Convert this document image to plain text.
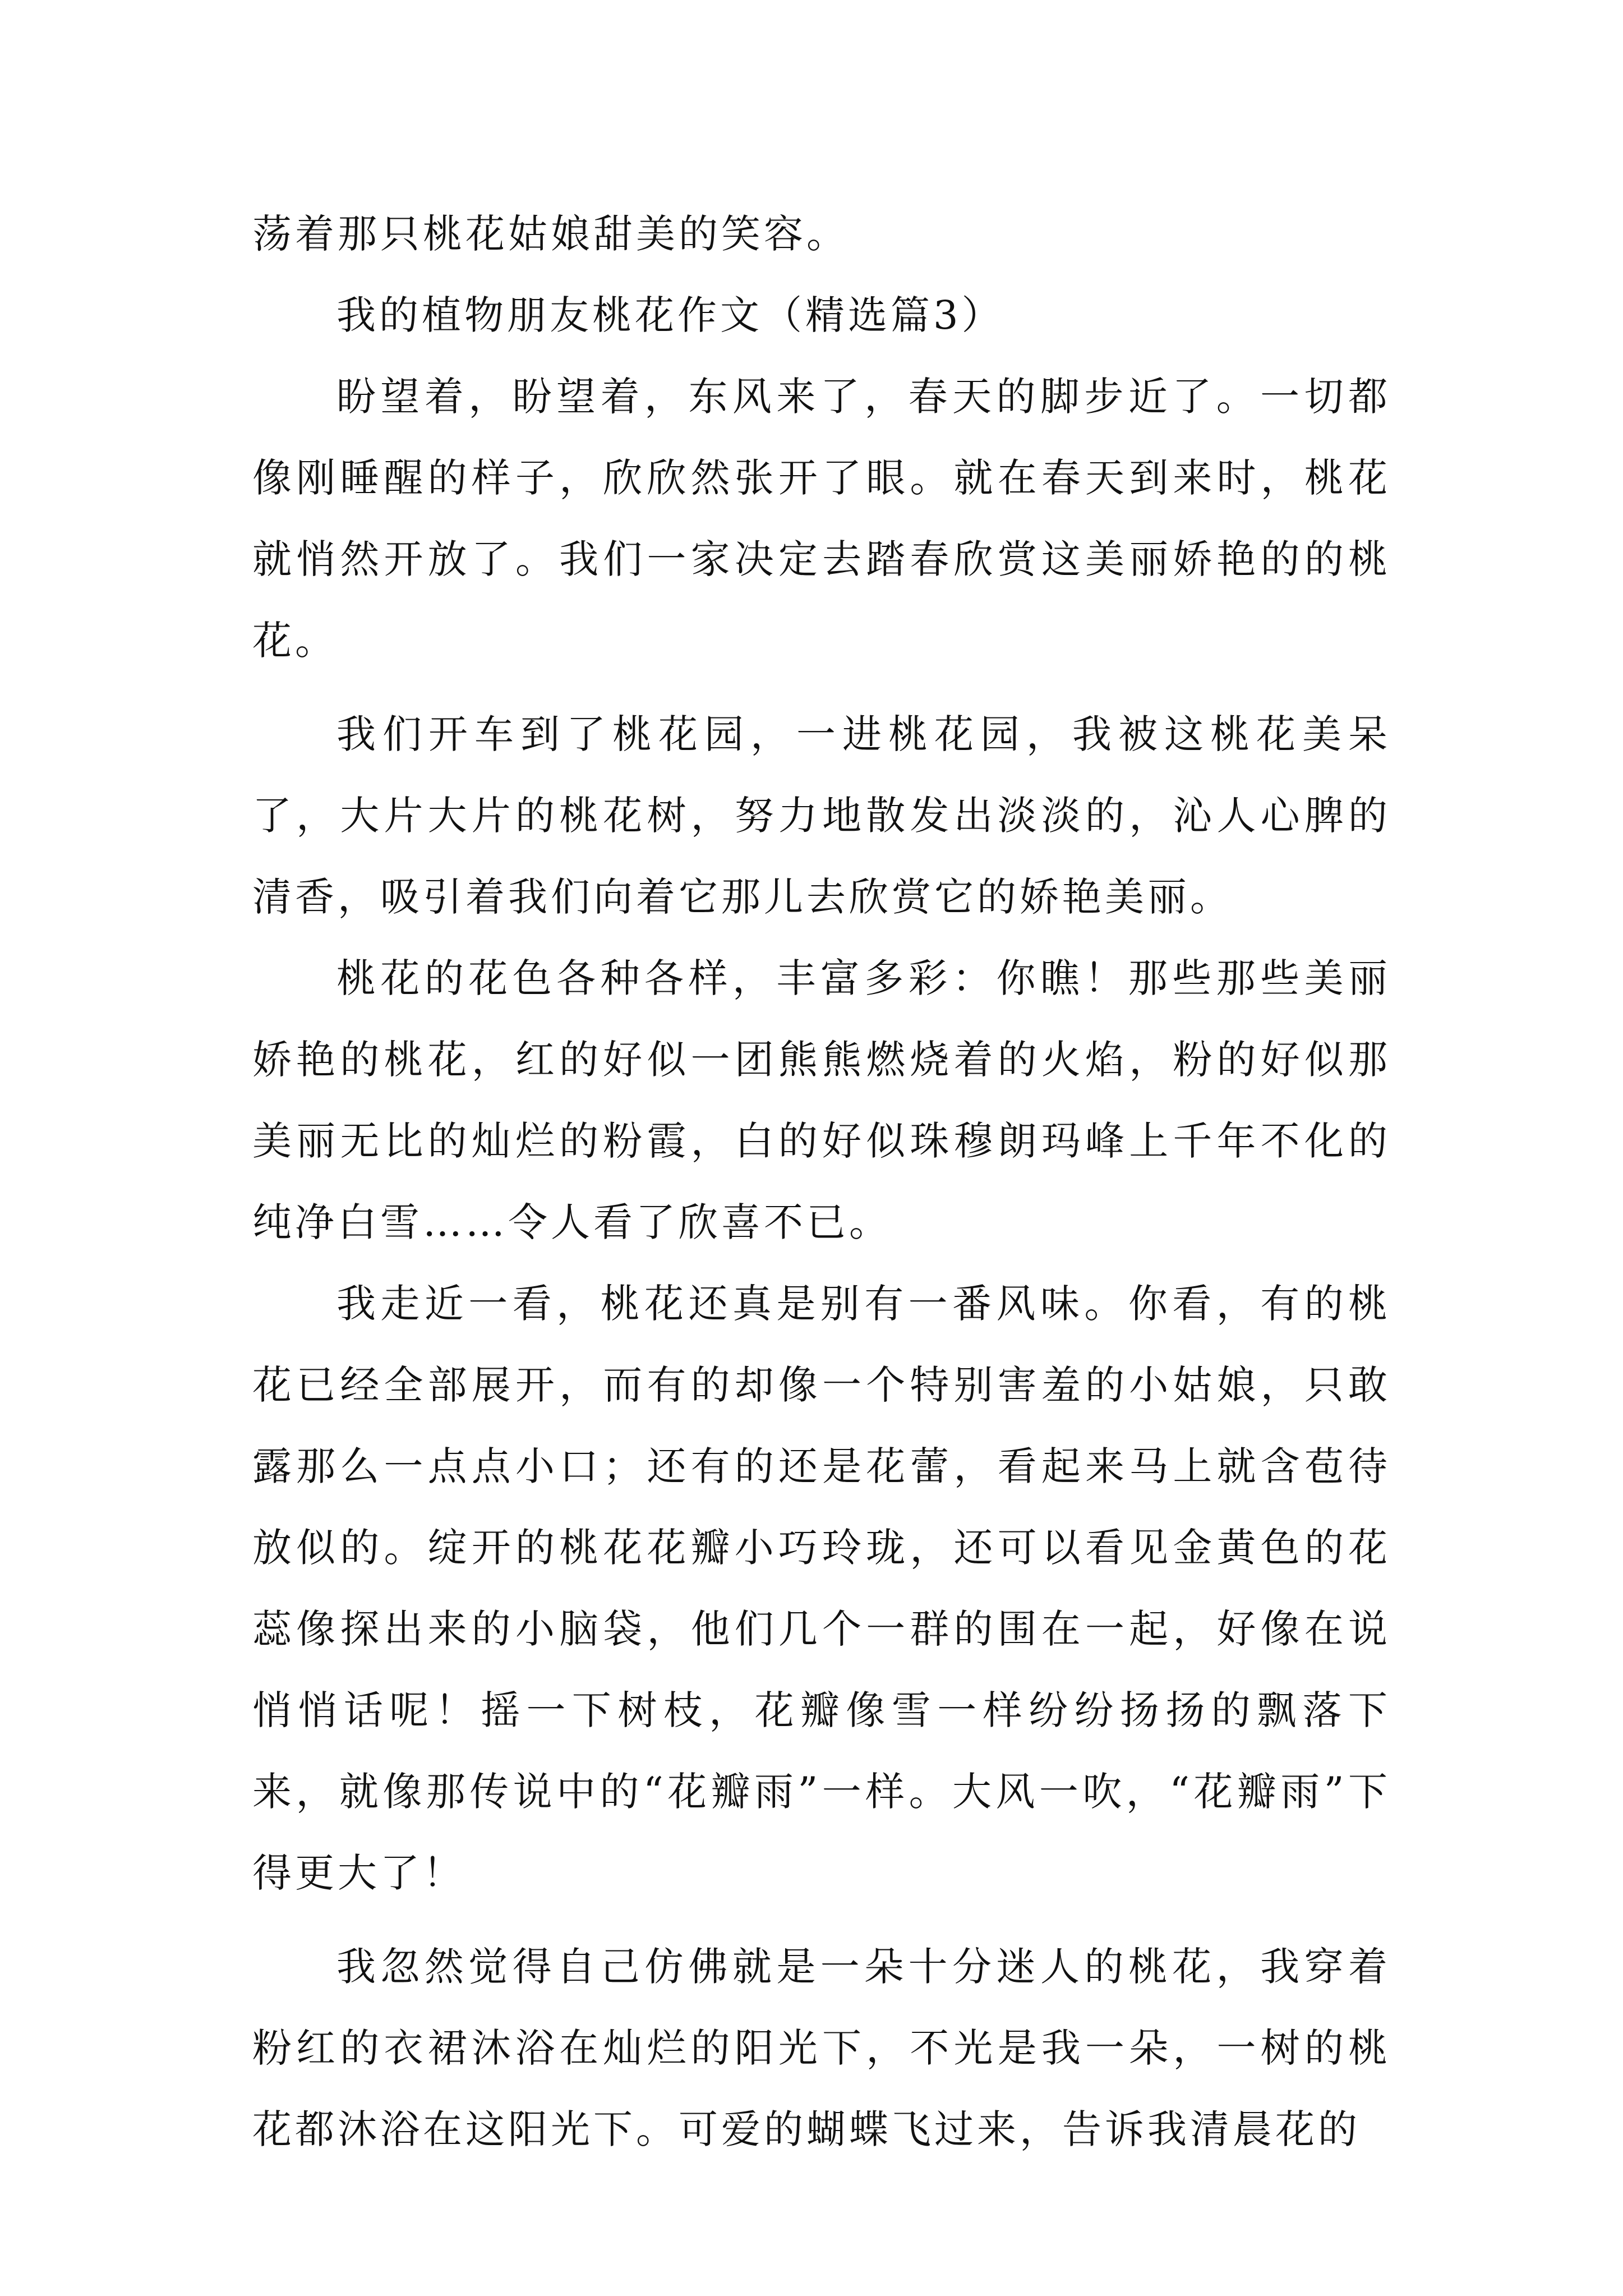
荡着那只桃花姑娘甜美的笑容。

我的植物朋友桃花作文（精选篇3）

盼望着，盼望着，东风来了，春天的脚步近了。一切都像刚睡醒的样子，欣欣然张开了眼。就在春天到来时，桃花就悄然开放了。我们一家决定去踏春欣赏这美丽娇艳的的桃花。

我们开车到了桃花园，一进桃花园，我被这桃花美呆了，大片大片的桃花树，努力地散发出淡淡的，沁人心脾的清香，吸引着我们向着它那儿去欣赏它的娇艳美丽。

桃花的花色各种各样，丰富多彩：你瞧！那些那些美丽娇艳的桃花，红的好似一团熊熊燃烧着的火焰，粉的好似那美丽无比的灿烂的粉霞，白的好似珠穆朗玛峰上千年不化的纯净白雪……令人看了欣喜不已。

我走近一看，桃花还真是别有一番风味。你看，有的桃花已经全部展开，而有的却像一个特别害羞的小姑娘，只敢露那么一点点小口；还有的还是花蕾，看起来马上就含苞待放似的。绽开的桃花花瓣小巧玲珑，还可以看见金黄色的花蕊像探出来的小脑袋，他们几个一群的围在一起，好像在说悄悄话呢！摇一下树枝，花瓣像雪一样纷纷扬扬的飘落下来，就像那传说中的“花瓣雨”一样。大风一吹，“花瓣雨”下得更大了！

我忽然觉得自己仿佛就是一朵十分迷人的桃花，我穿着粉红的衣裙沐浴在灿烂的阳光下，不光是我一朵，一树的桃花都沐浴在这阳光下。可爱的蝴蝶飞过来，告诉我清晨花的
